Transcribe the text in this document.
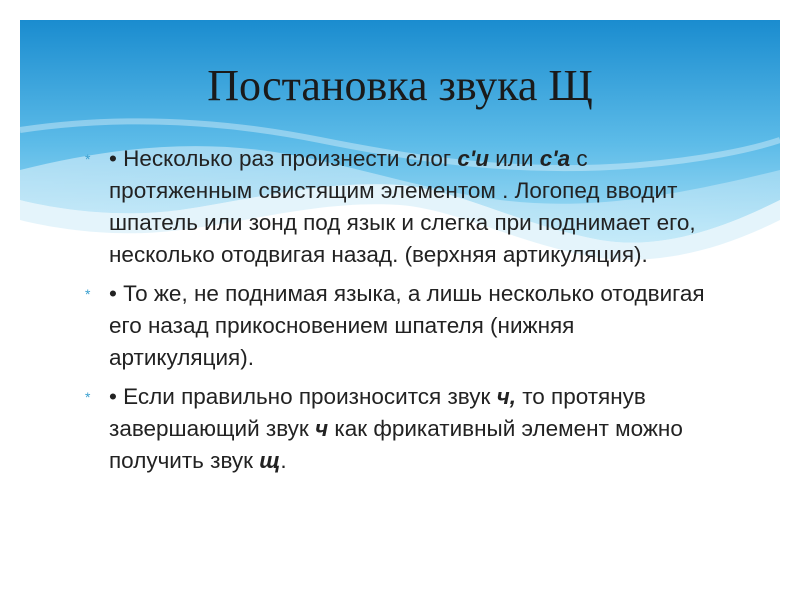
Постановка звука Щ
* • Несколько раз произнести слог с'и или с'а с протяженным свистящим элементом . Логопед вводит шпатель или зонд под язык и слегка при поднимает его, несколько отодвигая назад. (верхняя артикуляция).
* • То же, не поднимая языка, а лишь несколько отодвигая его назад прикосновением шпателя (нижняя артикуляция).
* • Если правильно произносится звук ч, то протянув завершающий звук ч как фрикативный элемент можно получить звук щ.
